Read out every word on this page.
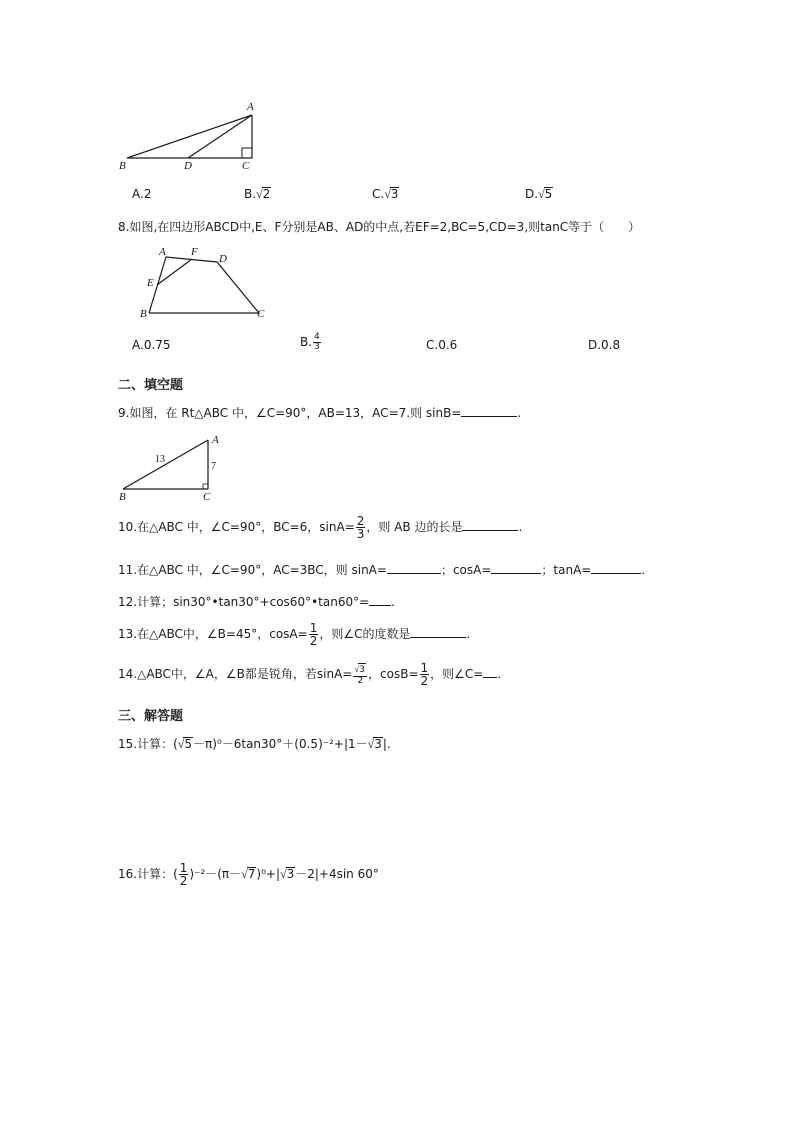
A
B	D	C
A.2	B.√2	C.√3	D.√5
8.如图,在四边形ABCD中,E、F分别是AB、AD的中点,若EF=2,BC=5,CD=3,则tanC等于（　　）
A F
D
E
B	C
A.0.75	B. $\frac{4}{3}$	C.0.6	D.0.8
二、填空题
9.如图，在 Rt△ABC 中，∠C=90°，AB=13，AC=7.则 sinB=	.
A
B	C
13
7
10.在△ABC 中，∠C=90°，BC=6，$\sin A= \frac{2}{3}$ ，则 AB 边的长是	.
11.在△ABC 中，∠C=90°，AC=3BC，则 sinA=	；cosA=	；tanA=	.
12.计算；sin30°•tan30°+cos60°•tan60°= .
13.在△ABC中，∠B=45°，$\cos A= \frac{1}{2}$ ，则∠C的度数是	.
14.△ABC中，∠A，∠B都是锐角，若$\sin A= \frac{√3}{2}$ ，$\cos B= \frac{1}{2}$ ，则∠C= .
三、解答题
15.计算：(√5－π)⁰－6tan30°＋(0.5)⁻²+|1－√3|.
16.计算：( $\frac{1}{2} )^{-2}-(\pi-√7)^0+|√3-2|+4\sin$ 60°
